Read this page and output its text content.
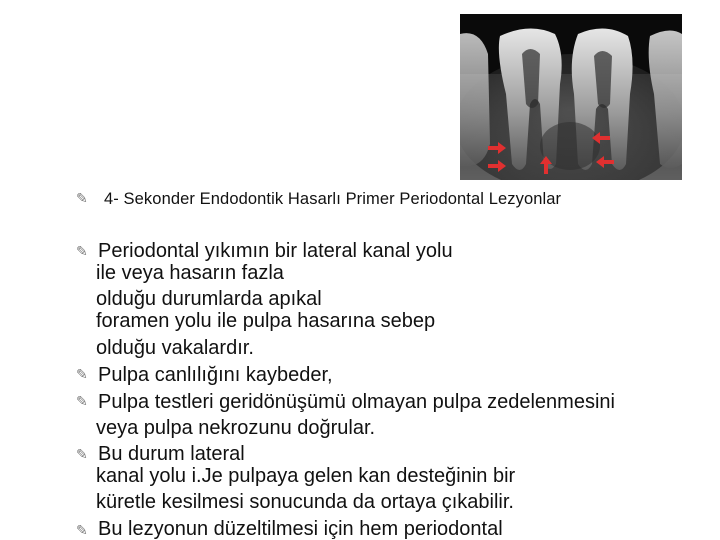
✎ 4- Sekonder Endodontik Hasarlı Primer Periodontal Lezyonlar
✎ Periodontal yıkımın bir lateral kanal yolu
ile veya hasarın fazla
olduğu durumlarda apıkal
foramen yolu ile pulpa hasarına sebep
olduğu vakalardır.
✎ Pulpa canlılığını kaybeder,
✎ Pulpa testleri geridönüşümü olmayan pulpa zedelenmesini
veya pulpa nekrozunu doğrular.
✎ Bu durum lateral
kanal yolu i.Je pulpaya gelen kan desteğinin bir
küretle kesilmesi sonucunda da ortaya çıkabilir.
✎ Bu lezyonun düzeltilmesi için hem periodontal
